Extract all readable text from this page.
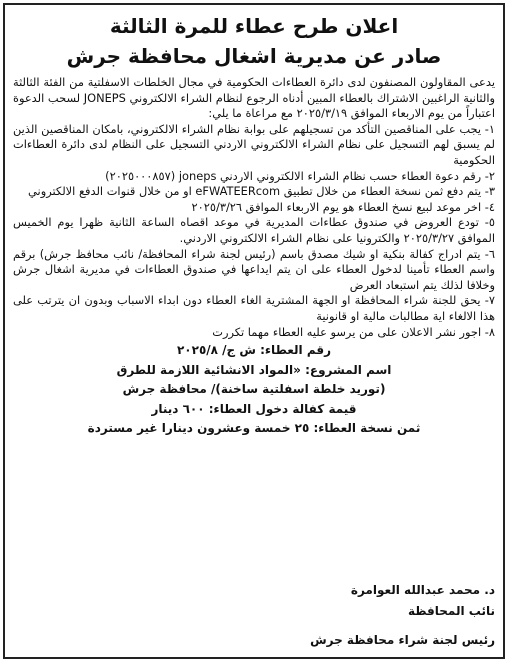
اعلان طرح عطاء للمرة الثالثة
صادر عن مديرية اشغال محافظة جرش

يدعى المقاولون المصنفون لدى دائرة العطاءات الحكومية في مجال الخلطات الاسفلتية من الفئة الثالثة والثانية الراغبين الاشتراك بالعطاء المبين أدناه الرجوع لنظام الشراء الالكتروني JONEPS لسحب الدعوة اعتباراً من يوم الاربعاء الموافق ٢٠٢٥/٣/١٩ مع مراعاة ما يلي:

١- يجب على المناقصين التأكد من تسجيلهم على بوابة نظام الشراء الالكتروني، بامكان المناقصين الذين لم يسبق لهم التسجيل على نظام الشراء الالكتروني الاردني التسجيل على النظام لدى دائرة العطاءات الحكومية

٢- رقم دعوة العطاء حسب نظام الشراء الالكتروني الاردني joneps (٢٠٢٥٠٠٠٨٥٧)

٣- يتم دفع ثمن نسخة العطاء من خلال تطبيق eFWATEERcom او من خلال قنوات الدفع الالكتروني

٤- اخر موعد لبيع نسخ العطاء هو يوم الاربعاء الموافق ٢٠٢٥/٣/٢٦

٥- تودع العروض في صندوق عطاءات المديرية في موعد اقصاه الساعة الثانية ظهرا يوم الخميس الموافق ٢٠٢٥/٣/٢٧ والكترونيا على نظام الشراء الالكتروني الاردني.

٦- يتم ادراج كفالة بنكية او شيك مصدق باسم (رئيس لجنة شراء المحافظة/ نائب محافظ جرش) برقم واسم العطاء تأمينا لدخول العطاء على ان يتم ايداعها في صندوق العطاءات في مديرية اشغال جرش وخلافا لذلك يتم استبعاد العرض

٧- يحق للجنة شراء المحافظة او الجهة المشترية الغاء العطاء دون ابداء الاسباب وبدون ان يترتب على هذا الالغاء اية مطالبات مالية او قانونية

٨- اجور نشر الاعلان على من يرسو عليه العطاء مهما تكررت

رقم العطاء: ش ج/ ٢٠٢٥/٨
اسم المشروع: «المواد الانشائية اللازمة للطرق
(توريد خلطة اسفلتية ساخنة)/ محافظة جرش
قيمة كفالة دخول العطاء: ٦٠٠ دينار
ثمن نسخة العطاء: ٢٥ خمسة وعشرون دينارا غير مستردة
د. محمد عبدالله العوامرة
نائب المحافظة
رئيس لجنة شراء محافظة جرش
